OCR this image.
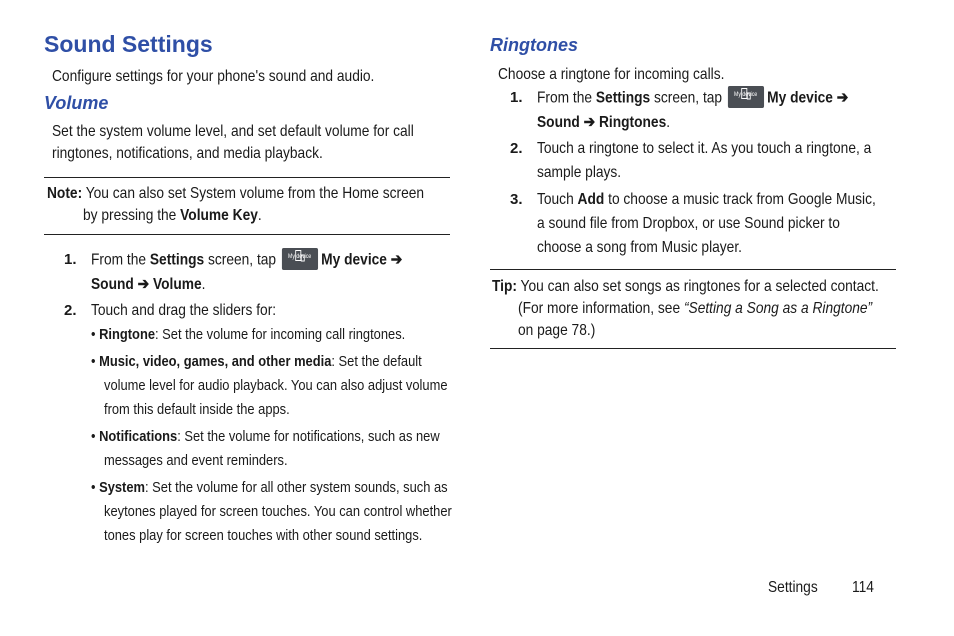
Sound Settings
Configure settings for your phone's sound and audio.
Volume
Set the system volume level, and set default volume for call
ringtones, notifications, and media playback.
Note: You can also set System volume from the Home screen
by pressing the Volume Key.
1. From the Settings screen, tap	My device My device ➔
Sound ➔ Volume.
2. Touch and drag the sliders for:
• Ringtone: Set the volume for incoming call ringtones.
• Music, video, games, and other media: Set the default
volume level for audio playback. You can also adjust volume
from this default inside the apps.
• Notifications: Set the volume for notifications, such as new
messages and event reminders.
• System: Set the volume for all other system sounds, such as
keytones played for screen touches. You can control whether
tones play for screen touches with other sound settings.
Ringtones
Choose a ringtone for incoming calls.
1. From the Settings screen, tap	My device My device ➔
Sound ➔ Ringtones.
2. Touch a ringtone to select it. As you touch a ringtone, a
sample plays.
3. Touch Add to choose a music track from Google Music,
a sound file from Dropbox, or use Sound picker to
choose a song from Music player.
Tip: You can also set songs as ringtones for a selected contact.
(For more information, see “Setting a Song as a Ringtone”
on page 78.)
Settings	114
